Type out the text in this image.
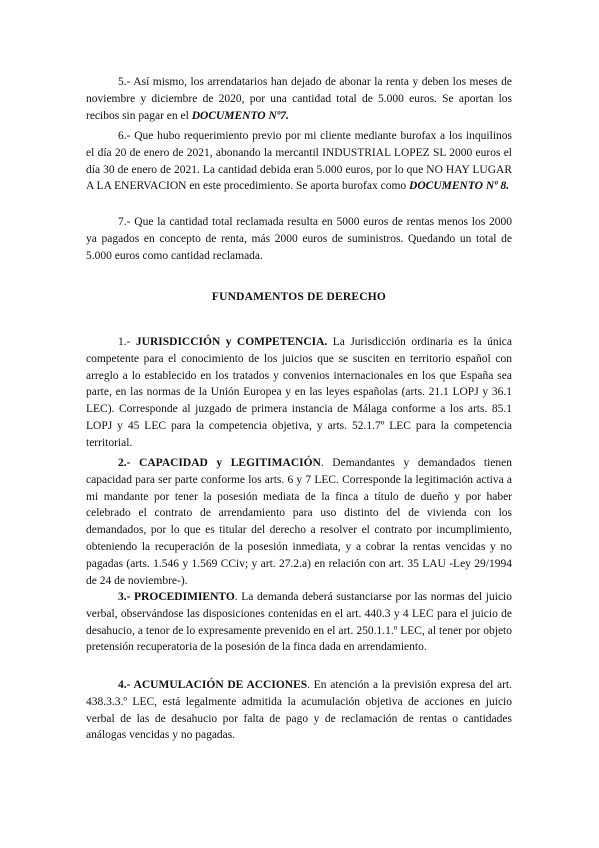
5.- Así mismo, los arrendatarios han dejado de abonar la renta y deben los meses de noviembre y diciembre de 2020, por una cantidad total de 5.000 euros. Se aportan los recibos sin pagar en el DOCUMENTO Nº7.

6.- Que hubo requerimiento previo por mi cliente mediante burofax a los inquilinos el día 20 de enero de 2021, abonando la mercantil INDUSTRIAL LOPEZ SL 2000 euros el día 30 de enero de 2021. La cantidad debida eran 5.000 euros, por lo que NO HAY LUGAR A LA ENERVACION en este procedimiento. Se aporta burofax como DOCUMENTO Nº 8.

7.- Que la cantidad total reclamada resulta en 5000 euros de rentas menos los 2000 ya pagados en concepto de renta, más 2000 euros de suministros. Quedando un total de 5.000 euros como cantidad reclamada.

FUNDAMENTOS DE DERECHO

1.- JURISDICCIÓN y COMPETENCIA. La Jurisdicción ordinaria es la única competente para el conocimiento de los juicios que se susciten en territorio español con arreglo a lo establecido en los tratados y convenios internacionales en los que España sea parte, en las normas de la Unión Europea y en las leyes españolas (arts. 21.1 LOPJ y 36.1 LEC). Corresponde al juzgado de primera instancia de Málaga conforme a los arts. 85.1 LOPJ y 45 LEC para la competencia objetiva, y arts. 52.1.7º LEC para la competencia territorial.

2.- CAPACIDAD y LEGITIMACIÓN. Demandantes y demandados tienen capacidad para ser parte conforme los arts. 6 y 7 LEC. Corresponde la legitimación activa a mi mandante por tener la posesión mediata de la finca a título de dueño y por haber celebrado el contrato de arrendamiento para uso distinto del de vivienda con los demandados, por lo que es titular del derecho a resolver el contrato por incumplimiento, obteniendo la recuperación de la posesión inmediata, y a cobrar la rentas vencidas y no pagadas (arts. 1.546 y 1.569 CCiv; y art. 27.2.a) en relación con art. 35 LAU -Ley 29/1994 de 24 de noviembre-).

3.- PROCEDIMIENTO. La demanda deberá sustanciarse por las normas del juicio verbal, observándose las disposiciones contenidas en el art. 440.3 y 4 LEC para el juicio de desahucio, a tenor de lo expresamente prevenido en el art. 250.1.1.º LEC, al tener por objeto pretensión recuperatoria de la posesión de la finca dada en arrendamiento.

4.- ACUMULACIÓN DE ACCIONES. En atención a la previsión expresa del art. 438.3.3.º LEC, está legalmente admitida la acumulación objetiva de acciones en juicio verbal de las de desahucio por falta de pago y de reclamación de rentas o cantidades análogas vencidas y no pagadas.
